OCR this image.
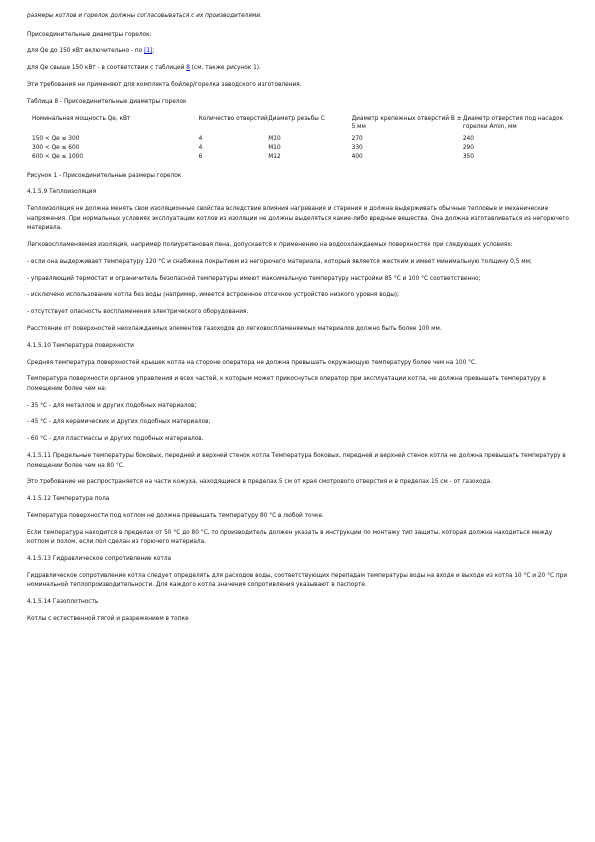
размеры котлов и горелок должны согласовываться с их производителями.

Присоединительные диаметры горелок:

для Qe до 150 кВт включительно - по [1];

для Qe свыше 150 кВт - в соответствии с таблицей 8 (см. также рисунок 1).

Эти требования не применяют для комплекта бойлер/горелка заводского изготовления.

Таблица 8 - Присоединительные диаметры горелок

Номинальная мощность Qe, кВт	Количество отверстий	Диаметр резьбы С	Диаметр крепежных отверстий В ± 5 мм	Диаметр отверстия под насадок горелки Аmin, мм
150 < Qe ≤ 300	4	М10	270	240
300 < Qe ≤ 600	4	М10	330	290
600 < Qe ≤ 1000	6	М12	400	350

Рисунок 1 - Присоединительные размеры горелок

4.1.5.9 Теплоизоляция

Теплоизоляция не должна менять свои изоляционные свойства вследствие влияния нагревания и старения и должна выдерживать обычные тепловые и механические напряжения. При нормальных условиях эксплуатации котлов из изоляции не должны выделяться какие-либо вредные вещества. Она должна изготавливаться из негорючего материала.

Легковоспламеняемая изоляция, например полиуретановая пена, допускается к применению на водоохлаждаемых поверхностях при следующих условиях:

- если она выдерживает температуру 120 °С и снабжена покрытием из негорючего материала, который является жестким и имеет минимальную толщину 0,5 мм;

- управляющий термостат и ограничитель безопасной температуры имеют максимальную температуру настройки 85 °С и 100 °С соответственно;

- исключено использование котла без воды (например, имеется встроенное отсечное устройство низкого уровня воды);

- отсутствует опасность воспламенения электрического оборудования.

Расстояние от поверхностей неохлаждаемых элементов газоходов до легковоспламеняемых материалов должно быть более 100 мм.

4.1.5.10 Температура поверхности

Средняя температура поверхностей крышек котла на стороне оператора не должна превышать окружающую температуру более чем на 100 °С.

Температура поверхности органов управления и всех частей, к которым может прикоснуться оператор при эксплуатации котла, не должна превышать температуру в помещении более чем на:

- 35 °С - для металлов и других подобных материалов;

- 45 °С - для керамических и других подобных материалов;

- 60 °С - для пластмассы и других подобных материалов.

4.1.5.11 Предельные температуры боковых, передней и верхней стенок котла Температура боковых, передней и верхней стенок котла не должна превышать температуру в помещении более чем на 80 °С.

Это требование не распространяется на части кожуха, находящиеся в пределах 5 см от края смотрового отверстия и в пределах 15 см - от газохода.

4.1.5.12 Температура пола

Температура поверхности под котлом не должна превышать температуру 80 °С в любой точке.

Если температура находится в пределах от 50 °С до 80 °С, то производитель должен указать в инструкции по монтажу тип защиты, которая должна находиться между котлом и полом, если пол сделан из горючего материала.

4.1.5.13 Гидравлическое сопротивление котла

Гидравлическое сопротивление котла следует определять для расходов воды, соответствующих перепадам температуры воды на входе и выходе из котла 10 °С и 20 °С при номинальной теплопроизводительности. Для каждого котла значения сопротивления указывают в паспорте.

4.1.5.14 Газоплотность

Котлы с естественной тягой и разрежением в топке
